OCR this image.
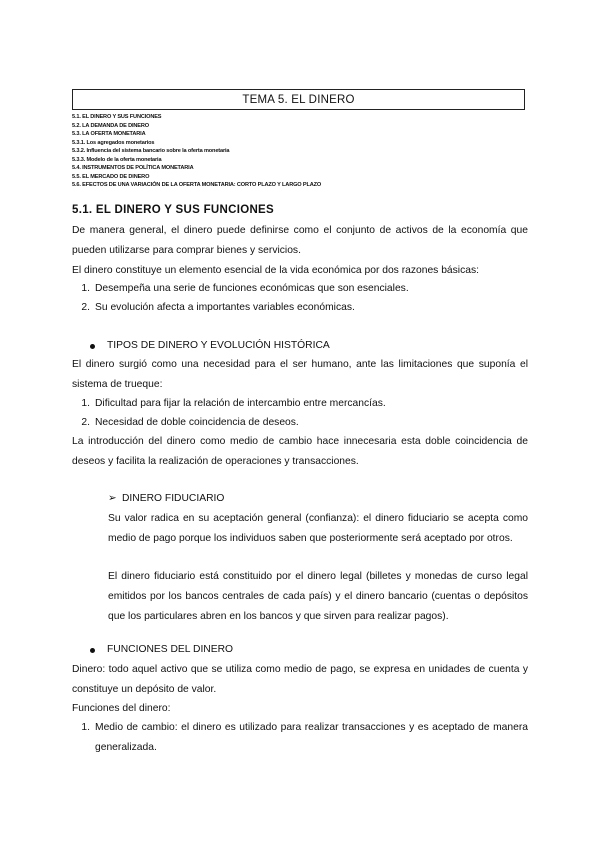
TEMA 5. EL DINERO
5.1. EL DINERO Y SUS FUNCIONES
5.2. LA DEMANDA DE DINERO
5.3. LA OFERTA MONETARIA
5.3.1. Los agregados monetarios
5.3.2. Influencia del sistema bancario sobre la oferta monetaria
5.3.3. Modelo de la oferta monetaria
5.4. INSTRUMENTOS DE POLÍTICA MONETARIA
5.5. EL MERCADO DE DINERO
5.6. EFECTOS DE UNA VARIACIÓN DE LA OFERTA MONETARIA: CORTO PLAZO Y LARGO PLAZO
5.1. EL DINERO Y SUS FUNCIONES
De manera general, el dinero puede definirse como el conjunto de activos de la economía que pueden utilizarse para comprar bienes y servicios.
El dinero constituye un elemento esencial de la vida económica por dos razones básicas:
1. Desempeña una serie de funciones económicas que son esenciales.
2. Su evolución afecta a importantes variables económicas.
TIPOS DE DINERO Y EVOLUCIÓN HISTÓRICA
El dinero surgió como una necesidad para el ser humano, ante las limitaciones que suponía el sistema de trueque:
1. Dificultad para fijar la relación de intercambio entre mercancías.
2. Necesidad de doble coincidencia de deseos.
La introducción del dinero como medio de cambio hace innecesaria esta doble coincidencia de deseos y facilita la realización de operaciones y transacciones.
➢ DINERO FIDUCIARIO
Su valor radica en su aceptación general (confianza): el dinero fiduciario se acepta como medio de pago porque los individuos saben que posteriormente será aceptado por otros.
El dinero fiduciario está constituido por el dinero legal (billetes y monedas de curso legal emitidos por los bancos centrales de cada país) y el dinero bancario (cuentas o depósitos que los particulares abren en los bancos y que sirven para realizar pagos).
FUNCIONES DEL DINERO
Dinero: todo aquel activo que se utiliza como medio de pago, se expresa en unidades de cuenta y constituye un depósito de valor.
Funciones del dinero:
1. Medio de cambio: el dinero es utilizado para realizar transacciones y es aceptado de manera generalizada.
